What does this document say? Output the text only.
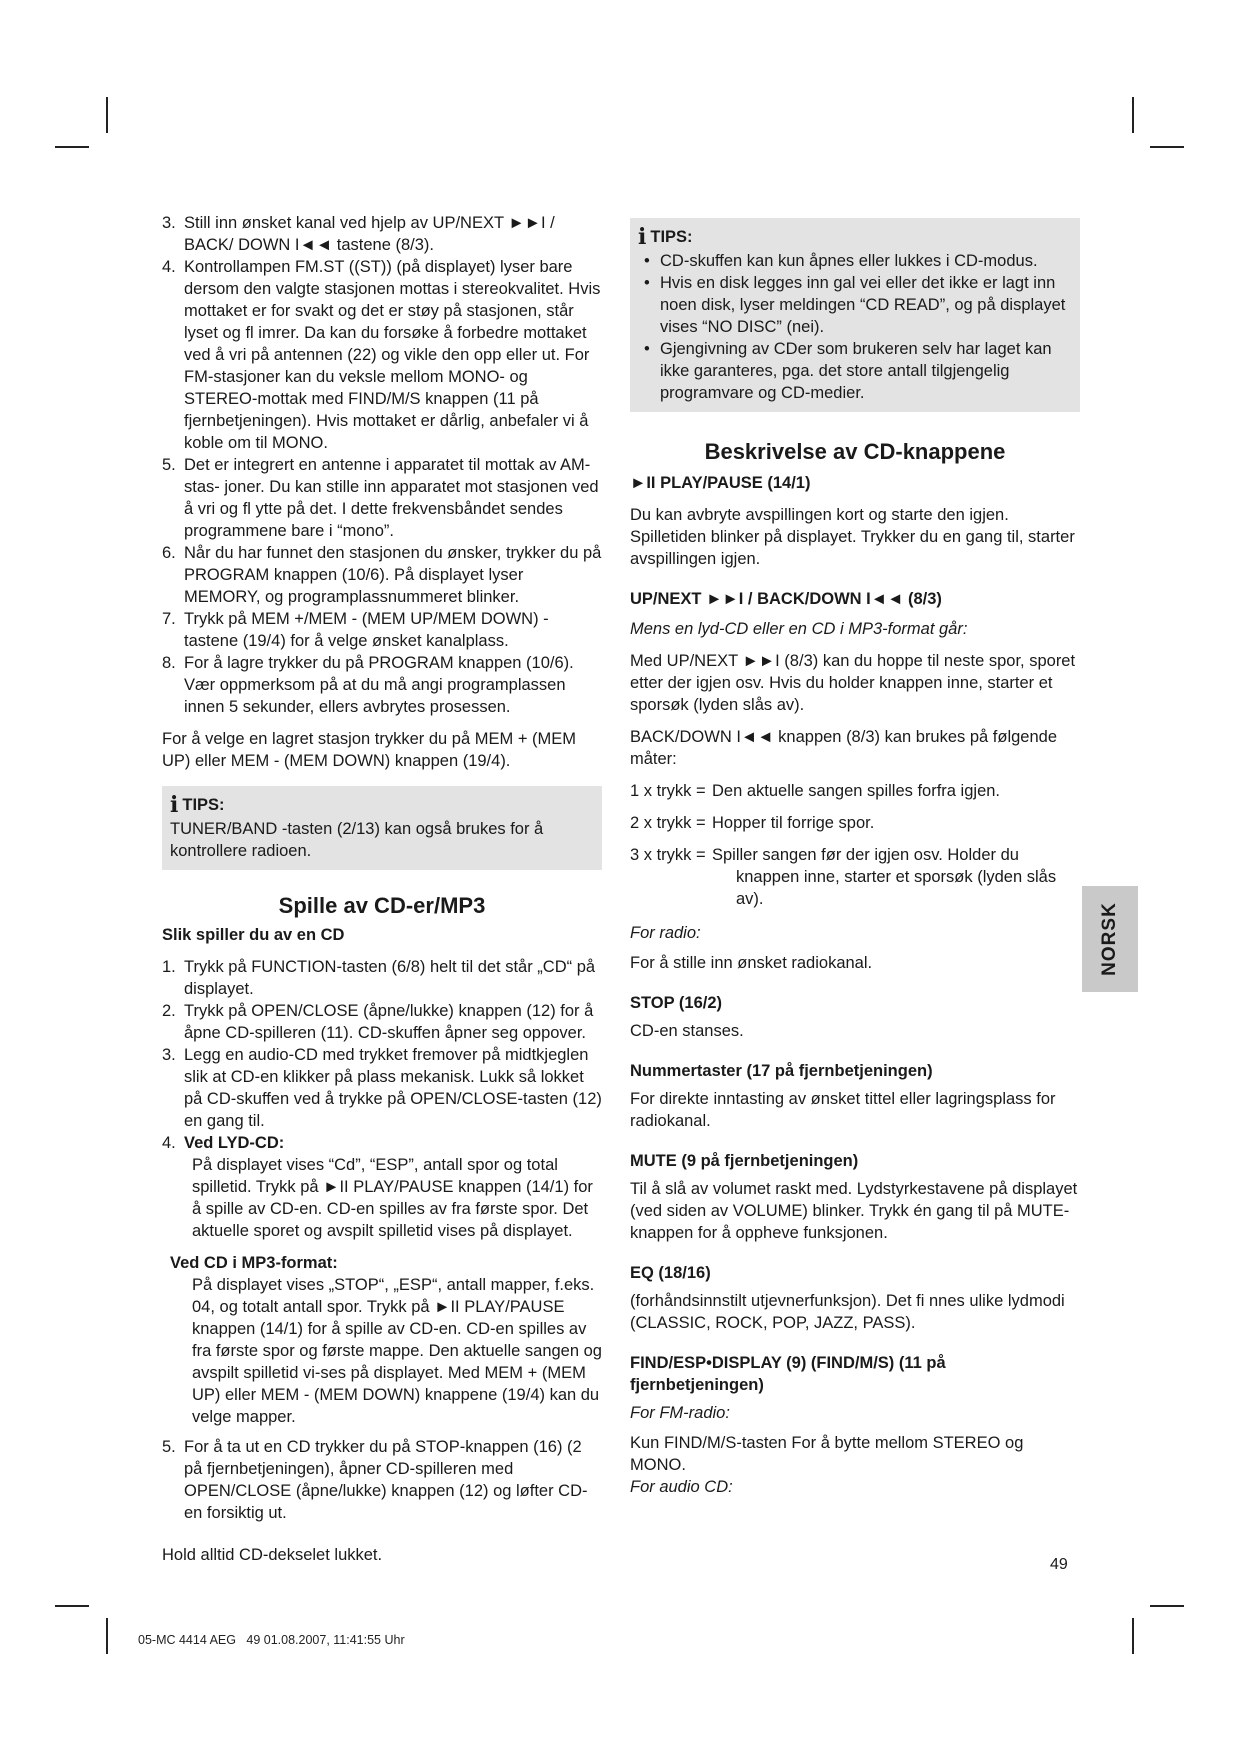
3. Still inn ønsket kanal ved hjelp av UP/NEXT ►►I / BACK/ DOWN I◄◄ tastene (8/3).
4. Kontrollampen FM.ST ((ST)) (på displayet) lyser bare dersom den valgte stasjonen mottas i stereokvalitet. Hvis mottaket er for svakt og det er støy på stasjonen, står lyset og fl imrer. Da kan du forsøke å forbedre mottaket ved å vri på antennen (22) og vikle den opp eller ut. For FM-stasjoner kan du veksle mellom MONO- og STEREO-mottak med FIND/M/S knappen (11 på fjernbetjeningen). Hvis mottaket er dårlig, anbefaler vi å koble om til MONO.
5. Det er integrert en antenne i apparatet til mottak av AM-stas- joner. Du kan stille inn apparatet mot stasjonen ved å vri og fl ytte på det. I dette frekvensbåndet sendes programmene bare i “mono”.
6. Når du har funnet den stasjonen du ønsker, trykker du på PROGRAM knappen (10/6). På displayet lyser MEMORY, og programplassnummeret blinker.
7. Trykk på MEM +/MEM - (MEM UP/MEM DOWN) -tastene (19/4) for å velge ønsket kanalplass.
8. For å lagre trykker du på PROGRAM knappen (10/6). Vær oppmerksom på at du må angi programplassen innen 5 sekunder, ellers avbrytes prosessen.

For å velge en lagret stasjon trykker du på MEM + (MEM UP) eller MEM - (MEM DOWN) knappen (19/4).

i TIPS:

TUNER/BAND -tasten (2/13) kan også brukes for å kontrollere radioen.

Spille av CD-er/MP3

Slik spiller du av en CD

1. Trykk på FUNCTION-tasten (6/8) helt til det står „CD“ på displayet.
2. Trykk på OPEN/CLOSE (åpne/lukke) knappen (12) for å åpne CD-spilleren (11). CD-skuffen åpner seg oppover.
3. Legg en audio-CD med trykket fremover på midtkjeglen slik at CD-en klikker på plass mekanisk. Lukk så lokket på CD-skuffen ved å trykke på OPEN/CLOSE-tasten (12) en gang til.
4. Ved LYD-CD:

På displayet vises “Cd”, “ESP”, antall spor og total spilletid. Trykk på ►II PLAY/PAUSE knappen (14/1) for å spille av CD-en. CD-en spilles av fra første spor. Det aktuelle sporet og avspilt spilletid vises på displayet.

Ved CD i MP3-format:

På displayet vises „STOP“, „ESP“, antall mapper, f.eks. 04, og totalt antall spor. Trykk på ►II PLAY/PAUSE knappen (14/1) for å spille av CD-en. CD-en spilles av fra første spor og første mappe. Den aktuelle sangen og avspilt spilletid vi-ses på displayet. Med MEM + (MEM UP) eller MEM - (MEM DOWN) knappene (19/4) kan du velge mapper.

5. For å ta ut en CD trykker du på STOP-knappen (16) (2 på fjernbetjeningen), åpner CD-spilleren med OPEN/CLOSE (åpne/lukke) knappen (12) og løfter CD-en forsiktig ut.

Hold alltid CD-dekselet lukket.

i TIPS:
• CD-skuffen kan kun åpnes eller lukkes i CD-modus.
• Hvis en disk legges inn gal vei eller det ikke er lagt inn noen disk, lyser meldingen “CD READ”, og på displayet vises “NO DISC” (nei).
• Gjengivning av CDer som brukeren selv har laget kan ikke garanteres, pga. det store antall tilgjengelig programvare og CD-medier.
Beskrivelse av CD-knappene

►II PLAY/PAUSE (14/1)

Du kan avbryte avspillingen kort og starte den igjen. Spilletiden blinker på displayet. Trykker du en gang til, starter avspillingen igjen.

UP/NEXT ►►I / BACK/DOWN I◄◄ (8/3)

Mens en lyd-CD eller en CD i MP3-format går:

Med UP/NEXT ►►I (8/3) kan du hoppe til neste spor, sporet etter der igjen osv. Hvis du holder knappen inne, starter et sporsøk (lyden slås av).

BACK/DOWN I◄◄ knappen (8/3) kan brukes på følgende måter:

1 x trykk = Den aktuelle sangen spilles forfra igjen.
2 x trykk = Hopper til forrige spor.
3 x trykk = Spiller sangen før der igjen osv. Holder du

knappen inne, starter et sporsøk (lyden slås av).

For radio:

For å stille inn ønsket radiokanal.

STOP (16/2)

CD-en stanses.

Nummertaster (17 på fjernbetjeningen)

For direkte inntasting av ønsket tittel eller lagringsplass for radiokanal.

MUTE (9 på fjernbetjeningen)

Til å slå av volumet raskt med. Lydstyrkestavene på displayet (ved siden av VOLUME) blinker. Trykk én gang til på MUTE-knappen for å oppheve funksjonen.

EQ (18/16)

(forhåndsinnstilt utjevnerfunksjon). Det fi nnes ulike lydmodi (CLASSIC, ROCK, POP, JAZZ, PASS).

FIND/ESP•DISPLAY (9) (FIND/M/S) (11 på fjernbetjeningen)

For FM-radio:

Kun FIND/M/S-tasten For å bytte mellom STEREO og MONO.

For audio CD:

NORSK
49
05-MC 4414 AEG   49 01.08.2007, 11:41:55 Uhr
